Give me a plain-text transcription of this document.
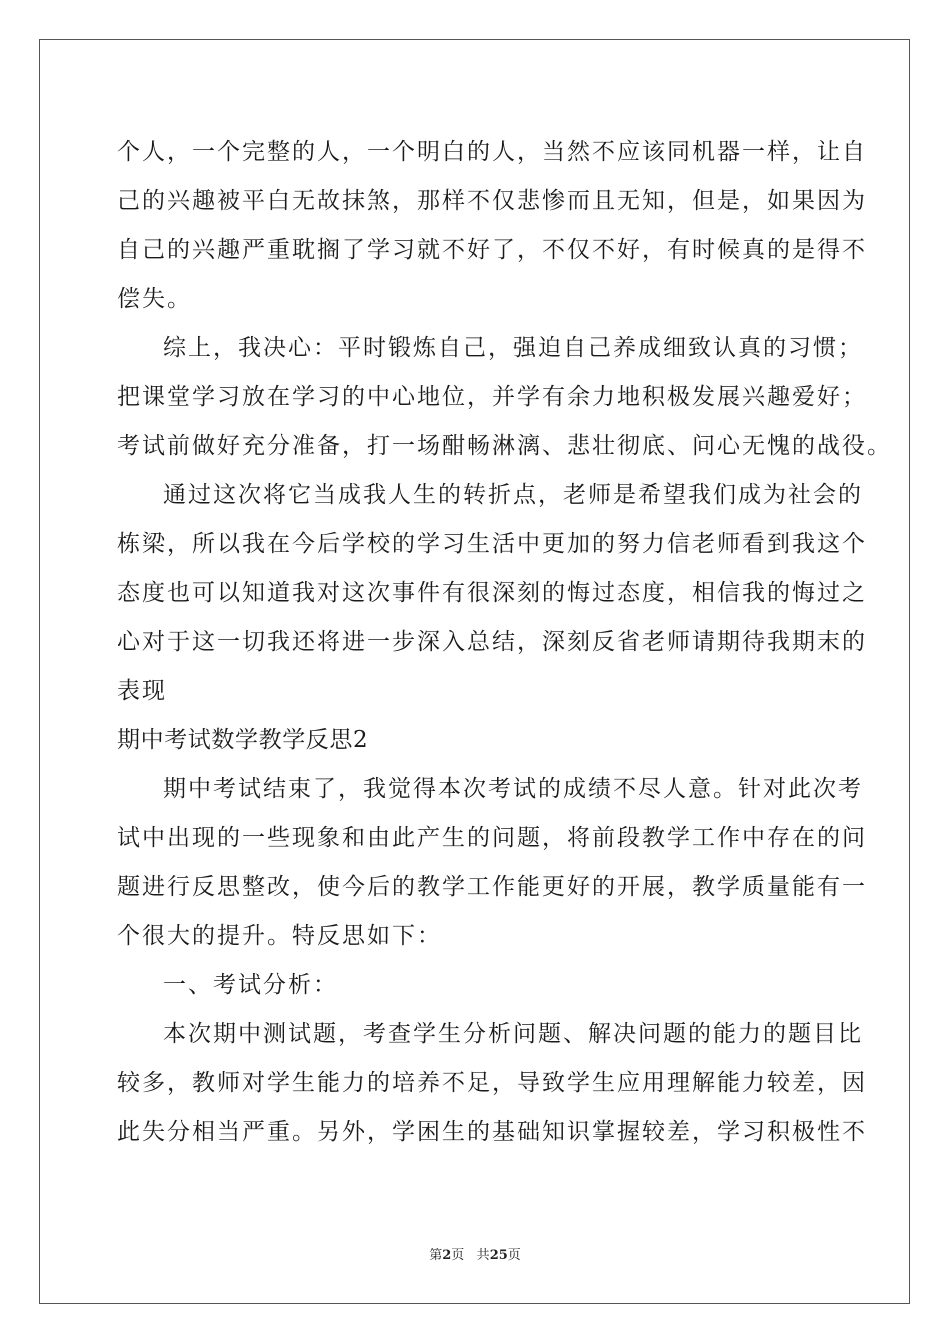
个人，一个完整的人，一个明白的人，当然不应该同机器一样，让自
己的兴趣被平白无故抹煞，那样不仅悲惨而且无知，但是，如果因为
自己的兴趣严重耽搁了学习就不好了，不仅不好，有时候真的是得不
偿失。
综上，我决心：平时锻炼自己，强迫自己养成细致认真的习惯；
把课堂学习放在学习的中心地位，并学有余力地积极发展兴趣爱好；
考试前做好充分准备，打一场酣畅淋漓、悲壮彻底、问心无愧的战役。
通过这次将它当成我人生的转折点，老师是希望我们成为社会的
栋梁，所以我在今后学校的学习生活中更加的努力信老师看到我这个
态度也可以知道我对这次事件有很深刻的悔过态度，相信我的悔过之
心对于这一切我还将进一步深入总结，深刻反省老师请期待我期末的
表现
期中考试数学教学反思2
期中考试结束了，我觉得本次考试的成绩不尽人意。针对此次考
试中出现的一些现象和由此产生的问题，将前段教学工作中存在的问
题进行反思整改，使今后的教学工作能更好的开展，教学质量能有一
个很大的提升。特反思如下：
一、考试分析：
本次期中测试题，考查学生分析问题、解决问题的能力的题目比
较多，教师对学生能力的培养不足，导致学生应用理解能力较差，因
此失分相当严重。另外，学困生的基础知识掌握较差，学习积极性不
第2页 共25页
